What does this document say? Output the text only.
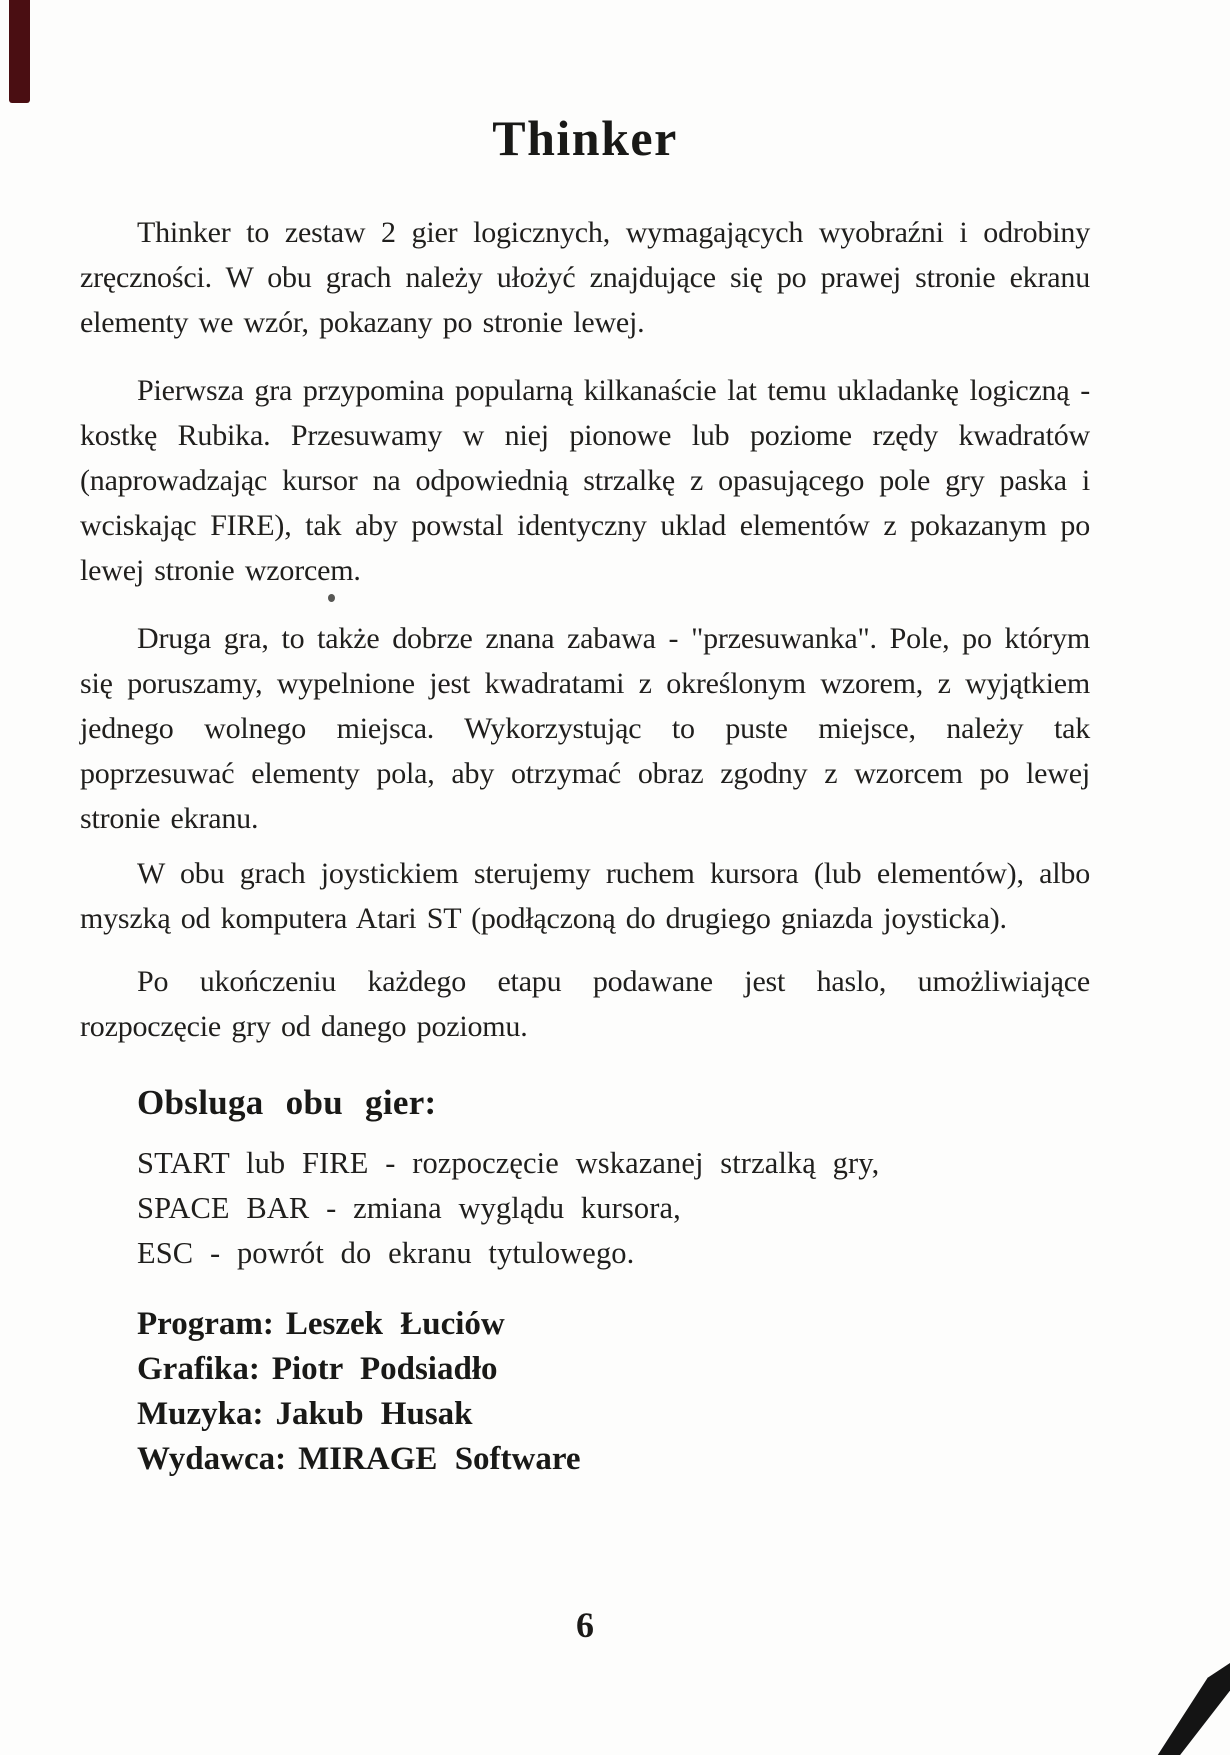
Thinker

Thinker to zestaw 2 gier logicznych, wymagających wyobraźni i odrobiny zręczności. W obu grach należy ułożyć znajdujące się po prawej stronie ekranu elementy we wzór, pokazany po stronie lewej.

Pierwsza gra przypomina popularną kilkanaście lat temu ukladankę logiczną - kostkę Rubika. Przesuwamy w niej pionowe lub poziome rzędy kwadratów (naprowadzając kursor na odpowiednią strzalkę z opasującego pole gry paska i wciskając FIRE), tak aby powstal identyczny uklad elementów z pokazanym po lewej stronie wzorcem.

Druga gra, to także dobrze znana zabawa - "przesuwanka". Pole, po którym się poruszamy, wypelnione jest kwadratami z określonym wzorem, z wyjątkiem jednego wolnego miejsca. Wykorzystując to puste miejsce, należy tak poprzesuwać elementy pola, aby otrzymać obraz zgodny z wzorcem po lewej stronie ekranu.

W obu grach joystickiem sterujemy ruchem kursora (lub elementów), albo myszką od komputera Atari ST (podłączoną do drugiego gniazda joysticka).

Po ukończeniu każdego etapu podawane jest haslo, umożliwiające rozpoczęcie gry od danego poziomu.

Obsluga obu gier:
START lub FIRE - rozpoczęcie wskazanej strzalką gry,
SPACE BAR - zmiana wyglądu kursora,
ESC - powrót do ekranu tytulowego.
Program: Leszek Łuciów
Grafika: Piotr Podsiadło
Muzyka: Jakub Husak
Wydawca: MIRAGE Software
6
